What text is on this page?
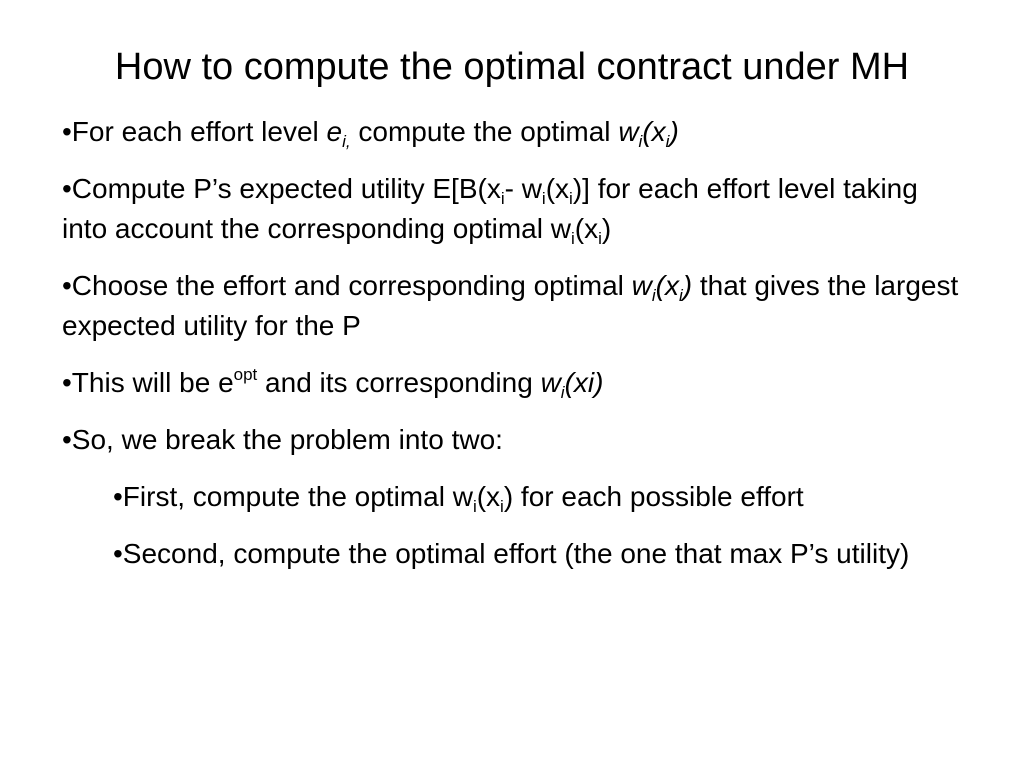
How to compute the optimal contract under MH
•For each effort level $e_{i,}$ compute the optimal $w_i(x_i)$
•Compute P’s expected utility $E[B(x_i-$ $w_i(x_i)$] for each effort level taking into account the corresponding optimal $w_i(x_i)$
•Choose the effort and corresponding optimal $w_i(x_i)$ that gives the largest expected utility for the P
•This will be $e^{opt}$ and its corresponding $w_i(xi)$
•So, we break the problem into two:
•First, compute the optimal $w_i(x_i)$ for each possible effort
•Second, compute the optimal effort (the one that max P’s utility)
